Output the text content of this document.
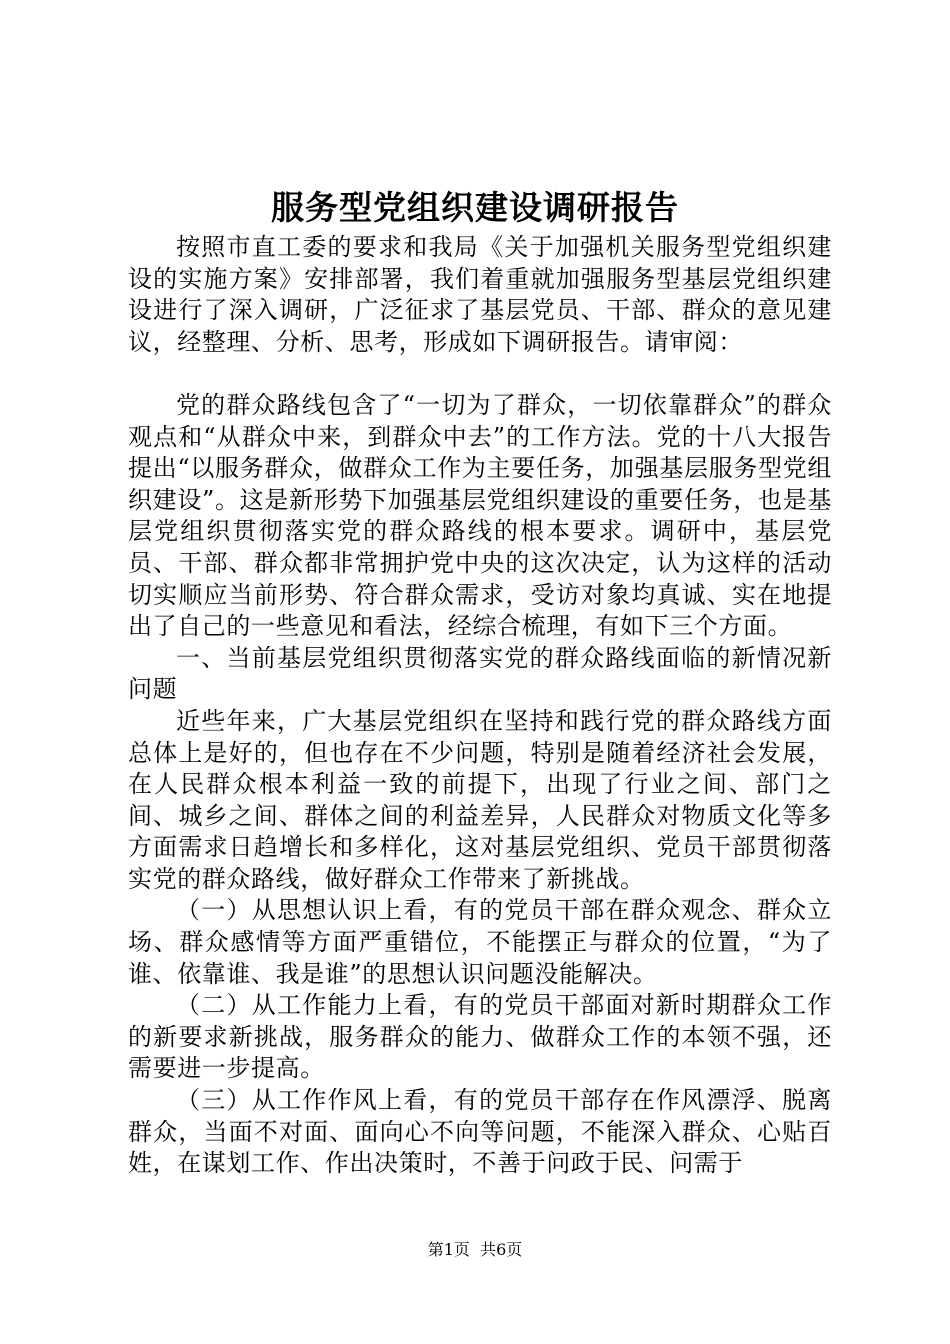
服务型党组织建设调研报告

按照市直工委的要求和我局《关于加强机关服务型党组织建设的实施方案》安排部署，我们着重就加强服务型基层党组织建设进行了深入调研，广泛征求了基层党员、干部、群众的意见建议，经整理、分析、思考，形成如下调研报告。请审阅：

党的群众路线包含了“一切为了群众，一切依靠群众”的群众观点和“从群众中来，到群众中去”的工作方法。党的十八大报告提出“以服务群众，做群众工作为主要任务，加强基层服务型党组织建设”。这是新形势下加强基层党组织建设的重要任务，也是基层党组织贯彻落实党的群众路线的根本要求。调研中，基层党员、干部、群众都非常拥护党中央的这次决定，认为这样的活动切实顺应当前形势、符合群众需求，受访对象均真诚、实在地提出了自己的一些意见和看法，经综合梳理，有如下三个方面。

一、当前基层党组织贯彻落实党的群众路线面临的新情况新问题

近些年来，广大基层党组织在坚持和践行党的群众路线方面总体上是好的，但也存在不少问题，特别是随着经济社会发展，在人民群众根本利益一致的前提下，出现了行业之间、部门之间、城乡之间、群体之间的利益差异，人民群众对物质文化等多方面需求日趋增长和多样化，这对基层党组织、党员干部贯彻落实党的群众路线，做好群众工作带来了新挑战。

（一）从思想认识上看，有的党员干部在群众观念、群众立场、群众感情等方面严重错位，不能摆正与群众的位置，“为了谁、依靠谁、我是谁”的思想认识问题没能解决。

（二）从工作能力上看，有的党员干部面对新时期群众工作的新要求新挑战，服务群众的能力、做群众工作的本领不强，还需要进一步提高。

（三）从工作作风上看，有的党员干部存在作风漂浮、脱离群众，当面不对面、面向心不向等问题，不能深入群众、心贴百姓，在谋划工作、作出决策时，不善于问政于民、问需于

第1页 共6页
